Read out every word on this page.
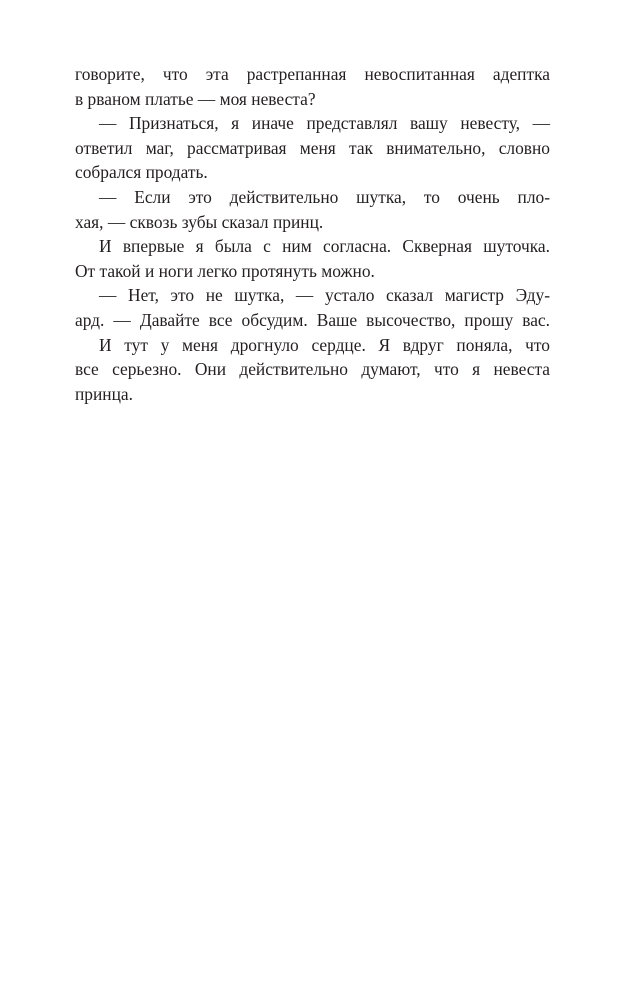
говорите, что эта растрепанная невоспитанная адептка
в рваном платье — моя невеста?
— Признаться, я иначе представлял вашу невесту, —
ответил маг, рассматривая меня так внимательно, словно
собрался продать.
— Если это действительно шутка, то очень пло-
хая, — сквозь зубы сказал принц.
И впервые я была с ним согласна. Скверная шуточка.
От такой и ноги легко протянуть можно.
— Нет, это не шутка, — устало сказал магистр Эду-
ард. — Давайте все обсудим. Ваше высочество, прошу вас.
И тут у меня дрогнуло сердце. Я вдруг поняла, что
все серьезно. Они действительно думают, что я невеста
принца.
